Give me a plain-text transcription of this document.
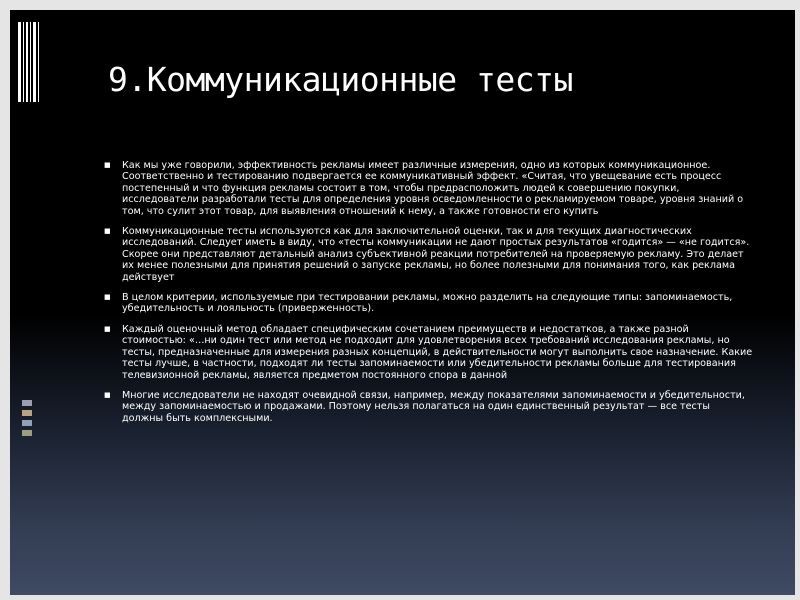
9.Коммуникационные тесты
■ Как мы уже говорили, эффективность рекламы имеет различные измерения, одно из которых коммуникационное. Соответственно и тестированию подвергается ее коммуникативный эффект. «Считая, что увещевание есть процесс постепенный и что функция рекламы состоит в том, чтобы предрасположить людей к совершению покупки, исследователи разработали тесты для определения уровня осведомленности о рекламируемом товаре, уровня знаний о том, что сулит этот товар, для выявления отношений к нему, а также готовности его купить
■ Коммуникационные тесты используются как для заключительной оценки, так и для текущих диагностических исследований. Следует иметь в виду, что «тесты коммуникации не дают простых результатов «годится» — «не годится». Скорее они представляют детальный анализ субъективной реакции потребителей на проверяемую рекламу. Это делает их менее полезными для принятия решений о запуске рекламы, но более полезными для понимания того, как реклама действует
■ В целом критерии, используемые при тестировании рекламы, можно разделить на следующие типы: запоминаемость, убедительность и лояльность (приверженность).
■ Каждый оценочный метод обладает специфическим сочетанием преимуществ и недостатков, а также разной стоимостью: «…ни один тест или метод не подходит для удовлетворения всех требований исследования рекламы, но тесты, предназначенные для измерения разных концепций, в действительности могут выполнить свое назначение. Какие тесты лучше, в частности, подходят ли тесты запоминаемости или убедительности рекламы больше для тестирования телевизионной рекламы, является предметом постоянного спора в данной
■ Многие исследователи не находят очевидной связи, например, между показателями запоминаемости и убедительности, между запоминаемостью и продажами. Поэтому нельзя полагаться на один единственный результат — все тесты должны быть комплексными.
